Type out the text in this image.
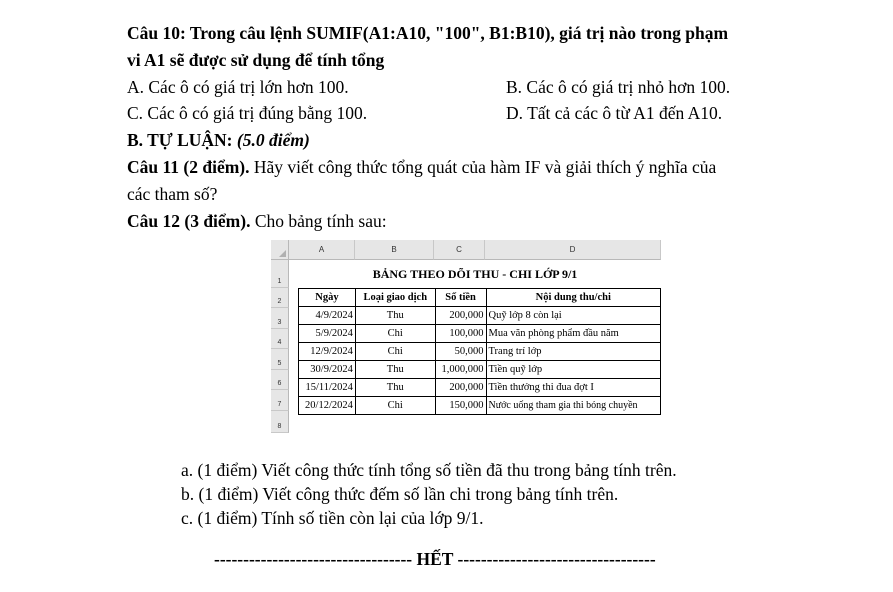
Câu 10: Trong câu lệnh SUMIF(A1:A10, "100", B1:B10), giá trị nào trong phạm
vi A1 sẽ được sử dụng để tính tổng
A. Các ô có giá trị lớn hơn 100.	B. Các ô có giá trị nhỏ hơn 100.
C. Các ô có giá trị đúng bằng 100.	D. Tất cả các ô từ A1 đến A10.
B. TỰ LUẬN: (5.0 điểm)
Câu 11 (2 điểm). Hãy viết công thức tổng quát của hàm IF và giải thích ý nghĩa của
các tham số?
Câu 12 (3 điểm). Cho bảng tính sau:
A	B	C	D
1
2
3
4
5
6
7
8
BẢNG THEO DÕI THU - CHI LỚP 9/1
Ngày	Loại giao dịch	Số tiền	Nội dung thu/chi
4/9/2024	Thu	200,000	Quỹ lớp 8 còn lại
5/9/2024	Chi	100,000	Mua văn phòng phẩm đầu năm
12/9/2024	Chi	50,000	Trang trí lớp
30/9/2024	Thu	1,000,000	Tiền quỹ lớp
15/11/2024	Thu	200,000	Tiền thưởng thi đua đợt I
20/12/2024	Chi	150,000	Nước uống tham gia thi bóng chuyền
a. (1 điểm) Viết công thức tính tổng số tiền đã thu trong bảng tính trên.
b. (1 điểm) Viết công thức đếm số lần chi trong bảng tính trên.
c. (1 điểm) Tính số tiền còn lại của lớp 9/1.
---------------------------------- HẾT ----------------------------------
